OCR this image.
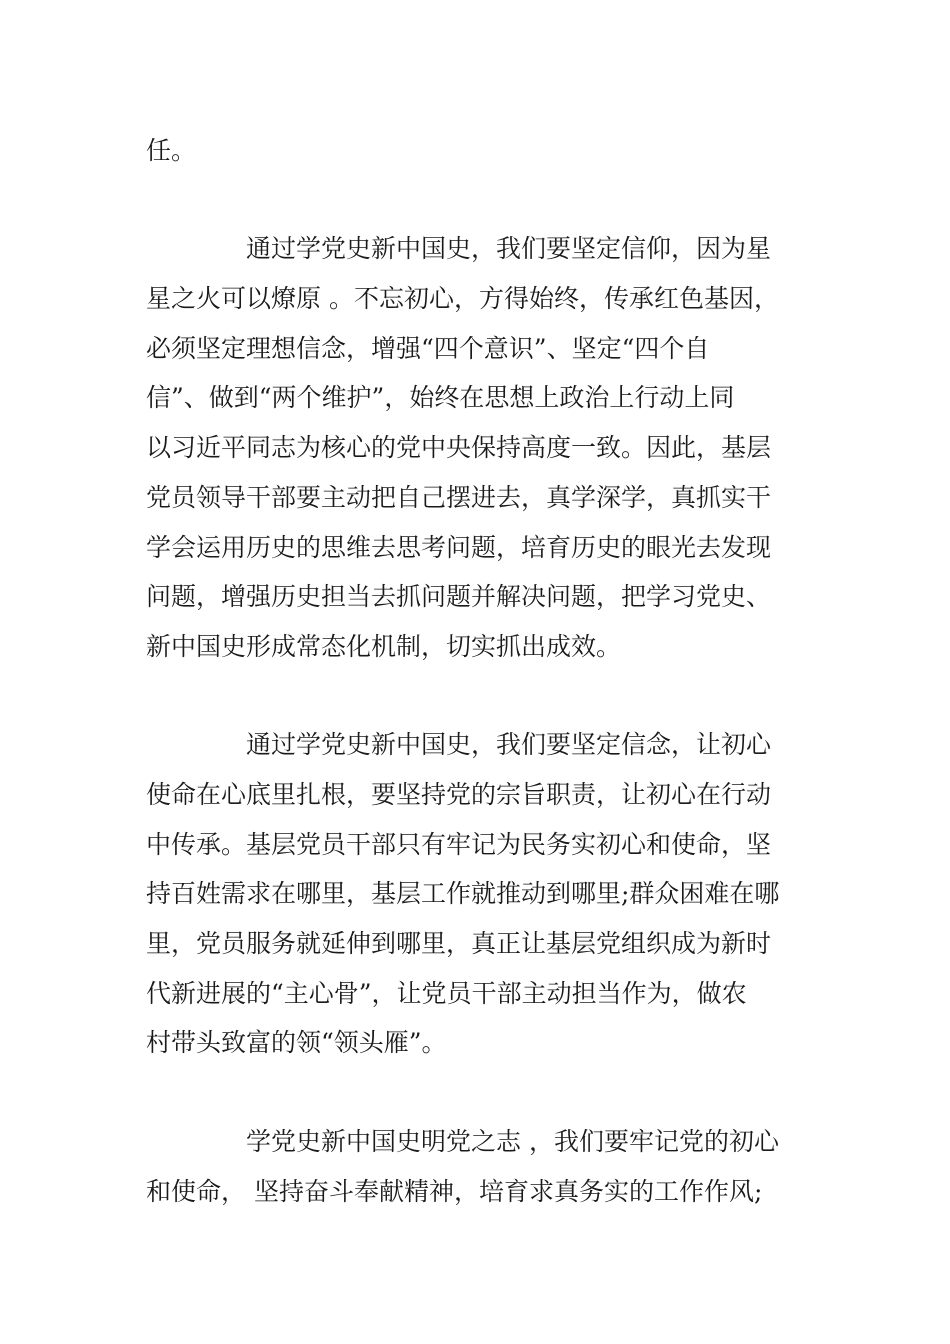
任。
通过学党史新中国史，我们要坚定信仰，因为星
星之火可以燎原 。不忘初心，方得始终，传承红色基因，
必须坚定理想信念，增强“四个意识”、坚定“四个自
信”、做到“两个维护”，始终在思想上政治上行动上同
以习近平同志为核心的党中央保持高度一致。因此，基层
党员领导干部要主动把自己摆进去，真学深学，真抓实干
学会运用历史的思维去思考问题，培育历史的眼光去发现
问题，增强历史担当去抓问题并解决问题，把学习党史、
新中国史形成常态化机制，切实抓出成效。
通过学党史新中国史，我们要坚定信念，让初心
使命在心底里扎根，要坚持党的宗旨职责，让初心在行动
中传承。基层党员干部只有牢记为民务实初心和使命，坚
持百姓需求在哪里，基层工作就推动到哪里;群众困难在哪
里，党员服务就延伸到哪里，真正让基层党组织成为新时
代新进展的“主心骨”，让党员干部主动担当作为，做农
村带头致富的领“领头雁”。
学党史新中国史明党之志 ，我们要牢记党的初心
和使命， 坚持奋斗奉献精神，培育求真务实的工作作风;
